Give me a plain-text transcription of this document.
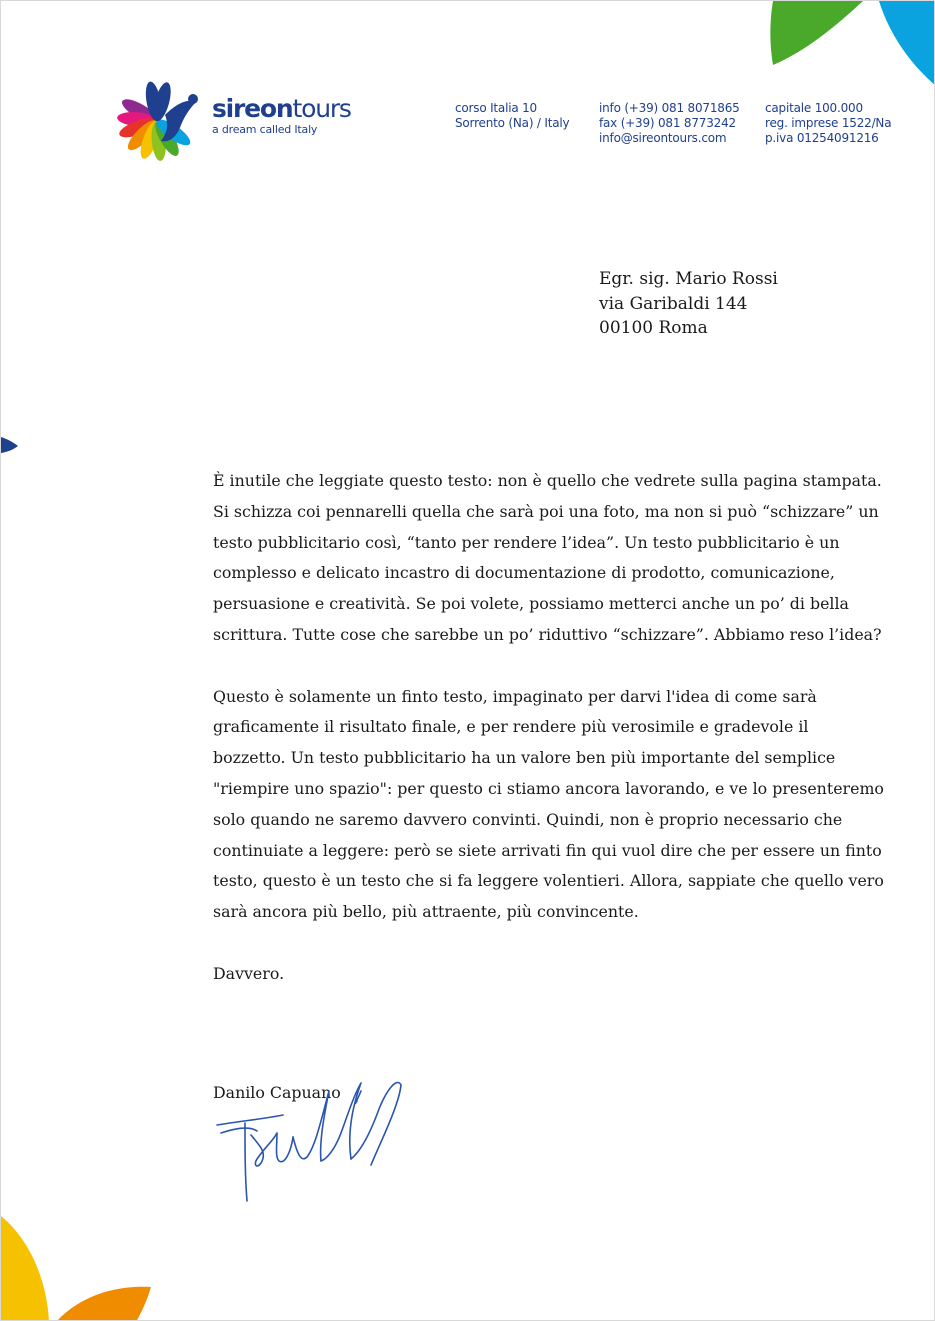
sireontours
a dream called Italy
corso Italia 10
Sorrento (Na) / Italy
info (+39) 081 8071865
fax (+39) 081 8773242
info@sireontours.com
capitale 100.000
reg. imprese 1522/Na
p.iva 01254091216
Egr. sig. Mario Rossi
via Garibaldi 144
00100 Roma

È inutile che leggiate questo testo: non è quello che vedrete sulla pagina stampata. Si schizza coi pennarelli quella che sarà poi una foto, ma non si può “schizzare” un testo pubblicitario così, “tanto per rendere l’idea”. Un testo pubblicitario è un complesso e delicato incastro di documentazione di prodotto, comunicazione, persuasione e creatività. Se poi volete, possiamo metterci anche un po’ di bella scrittura. Tutte cose che sarebbe un po’ riduttivo “schizzare”. Abbiamo reso l’idea?

Questo è solamente un finto testo, impaginato per darvi l'idea di come sarà graficamente il risultato finale, e per rendere più verosimile e gradevole il bozzetto. Un testo pubblicitario ha un valore ben più importante del semplice "riempire uno spazio": per questo ci stiamo ancora lavorando, e ve lo presenteremo solo quando ne saremo davvero convinti. Quindi, non è proprio necessario che continuiate a leggere: però se siete arrivati fin qui vuol dire che per essere un finto testo, questo è un testo che si fa leggere volentieri. Allora, sappiate che quello vero sarà ancora più bello, più attraente, più convincente.

Davvero.

Danilo Capuano
